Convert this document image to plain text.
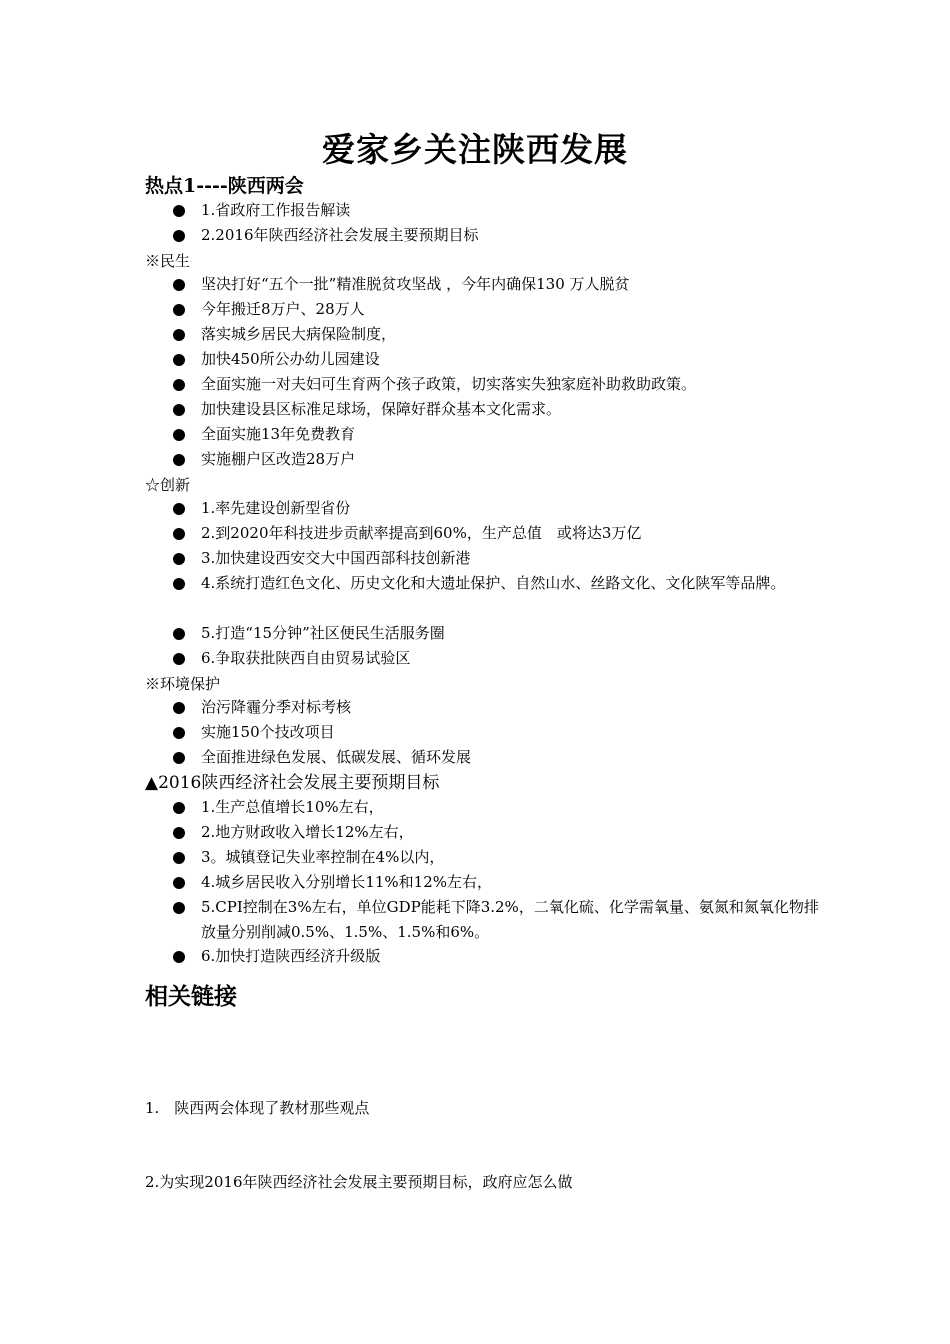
爱家乡关注陕西发展
热点1----陕西两会
1.省政府工作报告解读
2.2016年陕西经济社会发展主要预期目标
※民生
坚决打好“五个一批”精准脱贫攻坚战 ，今年内确保130 万人脱贫
今年搬迁8万户、28万人
落实城乡居民大病保险制度，
加快450所公办幼儿园建设
全面实施一对夫妇可生育两个孩子政策，切实落实失独家庭补助救助政策。
加快建设县区标准足球场，保障好群众基本文化需求。
全面实施13年免费教育
实施棚户区改造28万户
☆创新
1.率先建设创新型省份
2.到2020年科技进步贡献率提高到60%，生产总值　或将达3万亿
3.加快建设西安交大中国西部科技创新港
4.系统打造红色文化、历史文化和大遗址保护、自然山水、丝路文化、文化陕军等品牌。
5.打造“15分钟”社区便民生活服务圈
6.争取获批陕西自由贸易试验区
※环境保护
治污降霾分季对标考核
实施150个技改项目
全面推进绿色发展、低碳发展、循环发展
▲2016陕西经济社会发展主要预期目标
1.生产总值增长10%左右，
2.地方财政收入增长12%左右，
3。城镇登记失业率控制在4%以内，
4.城乡居民收入分别增长11%和12%左右，
5.CPI控制在3%左右，单位GDP能耗下降3.2%，二氧化硫、化学需氧量、氨氮和氮氧化物排放量分别削减0.5%、1.5%、1.5%和6%。
6.加快打造陕西经济升级版
相关链接
1.　陕西两会体现了教材那些观点
2.为实现2016年陕西经济社会发展主要预期目标，政府应怎么做
